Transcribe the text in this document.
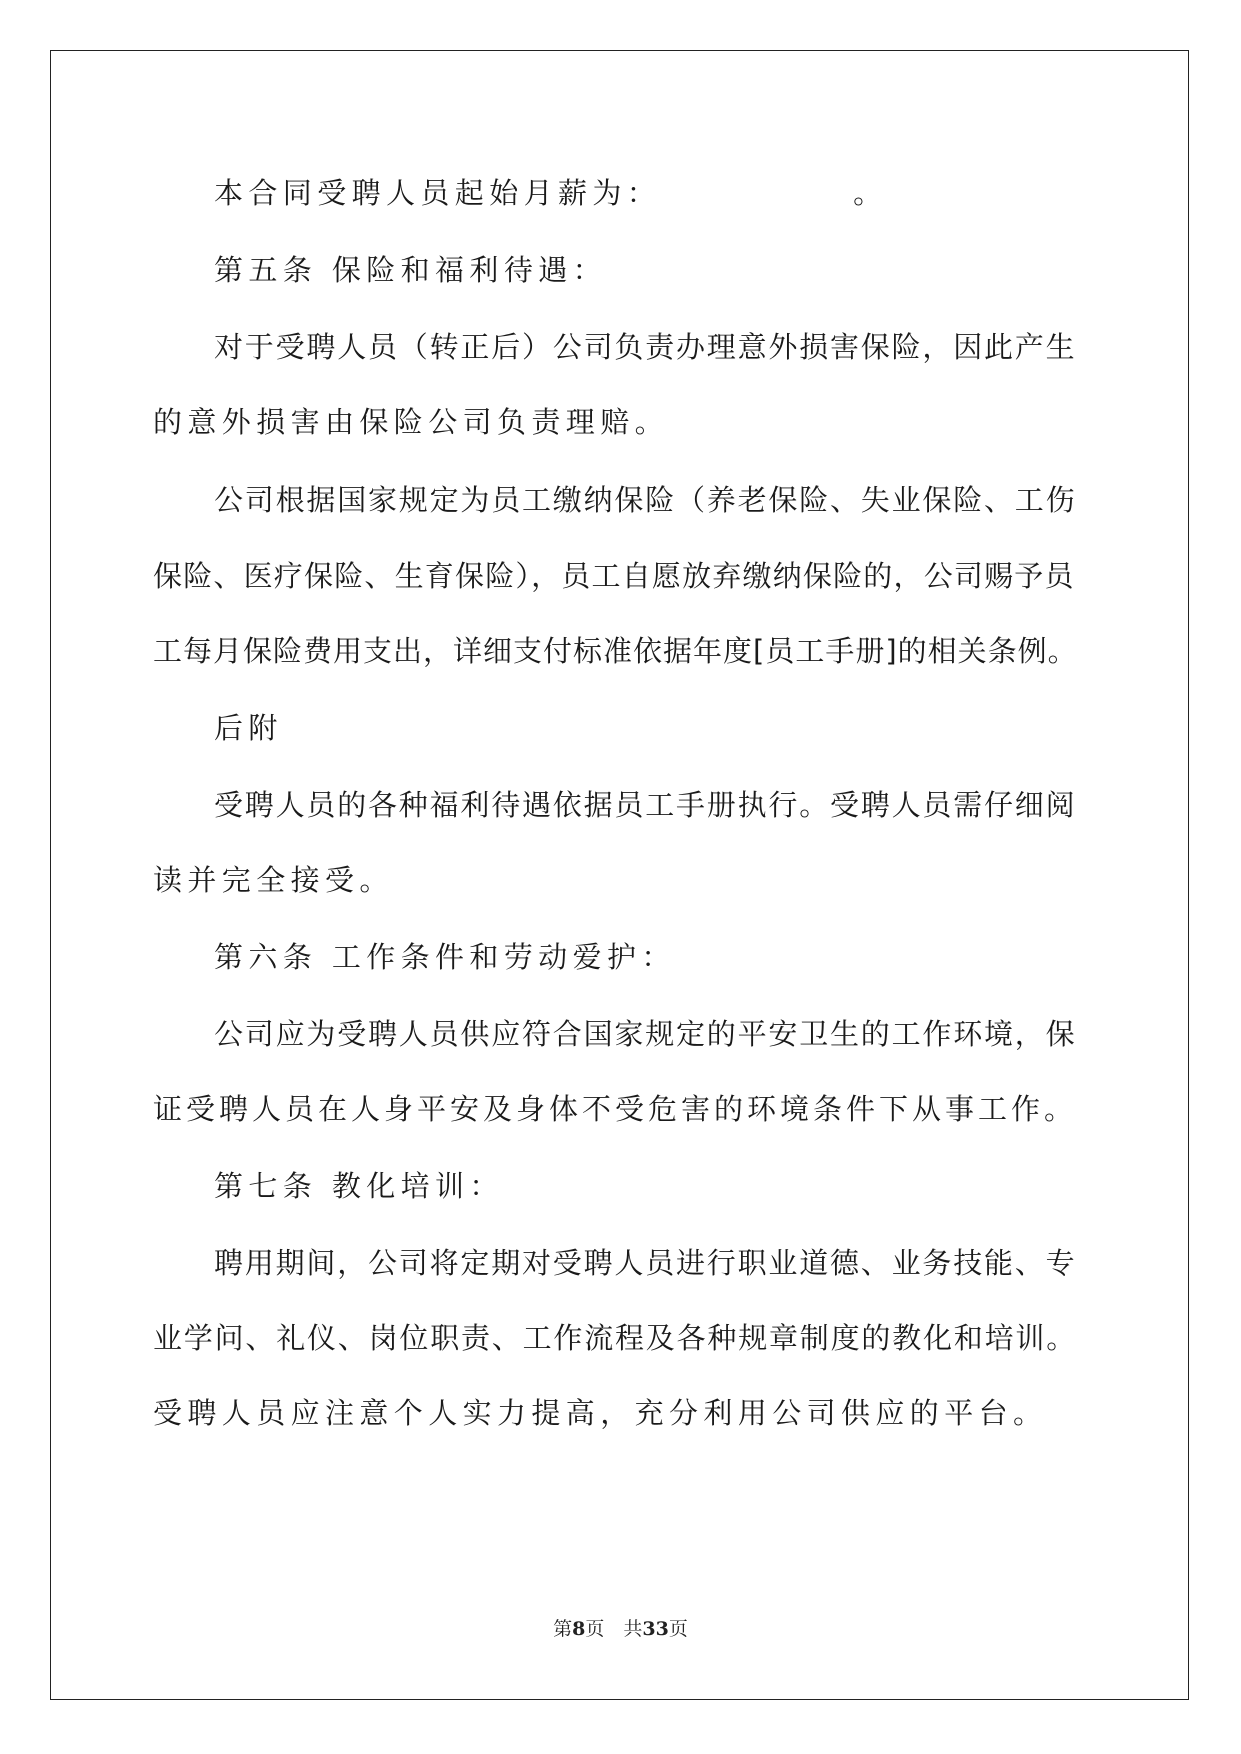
本合同受聘人员起始月薪为：　　　　　　。
第五条 保险和福利待遇：
对于受聘人员（转正后）公司负责办理意外损害保险，因此产生
的意外损害由保险公司负责理赔。
公司根据国家规定为员工缴纳保险（养老保险、失业保险、工伤
保险、医疗保险、生育保险），员工自愿放弃缴纳保险的，公司赐予员
工每月保险费用支出，详细支付标准依据年度[员工手册]的相关条例。
后附
受聘人员的各种福利待遇依据员工手册执行。受聘人员需仔细阅
读并完全接受。
第六条 工作条件和劳动爱护：
公司应为受聘人员供应符合国家规定的平安卫生的工作环境，保
证受聘人员在人身平安及身体不受危害的环境条件下从事工作。
第七条 教化培训：
聘用期间，公司将定期对受聘人员进行职业道德、业务技能、专
业学问、礼仪、岗位职责、工作流程及各种规章制度的教化和培训。
受聘人员应注意个人实力提高，充分利用公司供应的平台。
第8页　共33页
